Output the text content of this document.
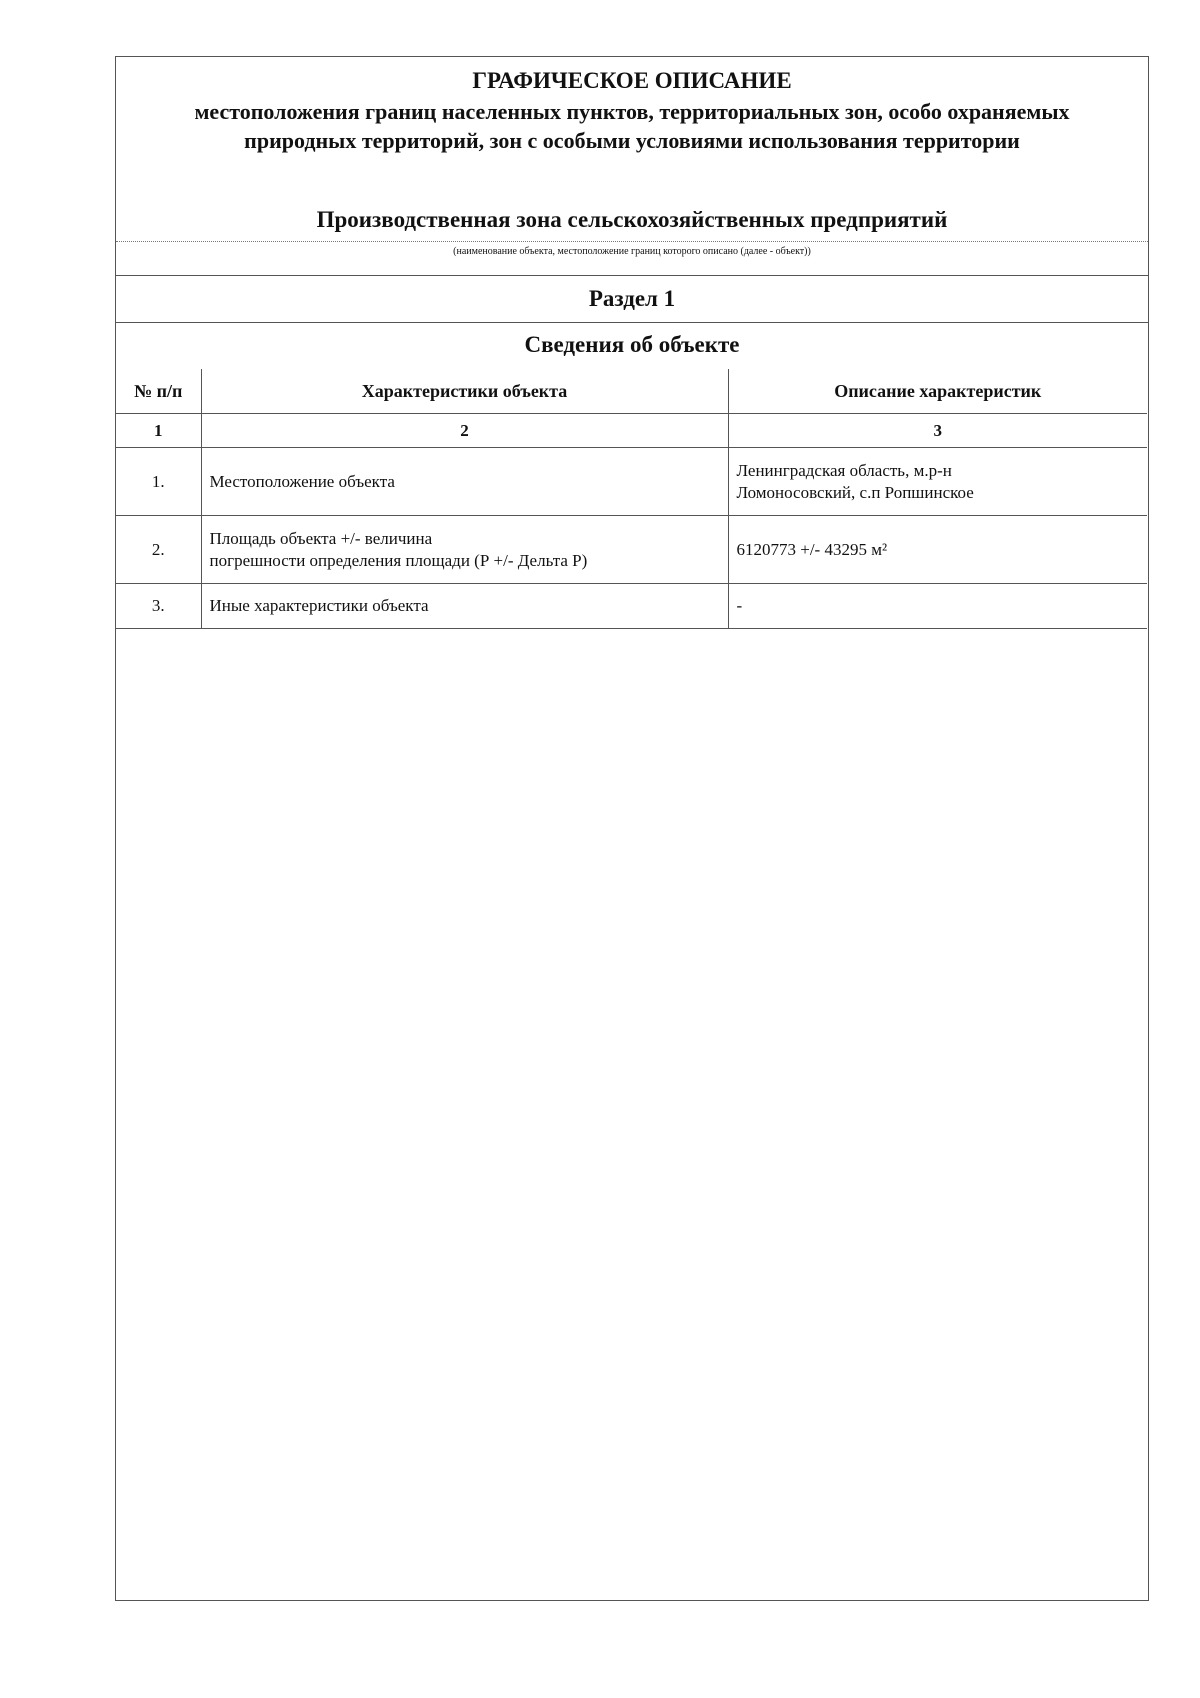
ГРАФИЧЕСКОЕ ОПИСАНИЕ
местоположения границ населенных пунктов, территориальных зон, особо охраняемых природных территорий, зон с особыми условиями использования территории
Производственная зона сельскохозяйственных предприятий
(наименование объекта, местоположение границ которого описано (далее - объект))
Раздел 1
Сведения об объекте
№ п/п	Характеристики объекта	Описание характеристик
1	2	3
1.	Местоположение объекта	Ленинградская область, м.р-н
Ломоносовский, с.п Ропшинское

2.	Площадь объекта +/- величина
погрешности определения площади (Р +/- Дельта Р)	6120773 +/- 43295 м²

3.	Иные характеристики объекта	-
